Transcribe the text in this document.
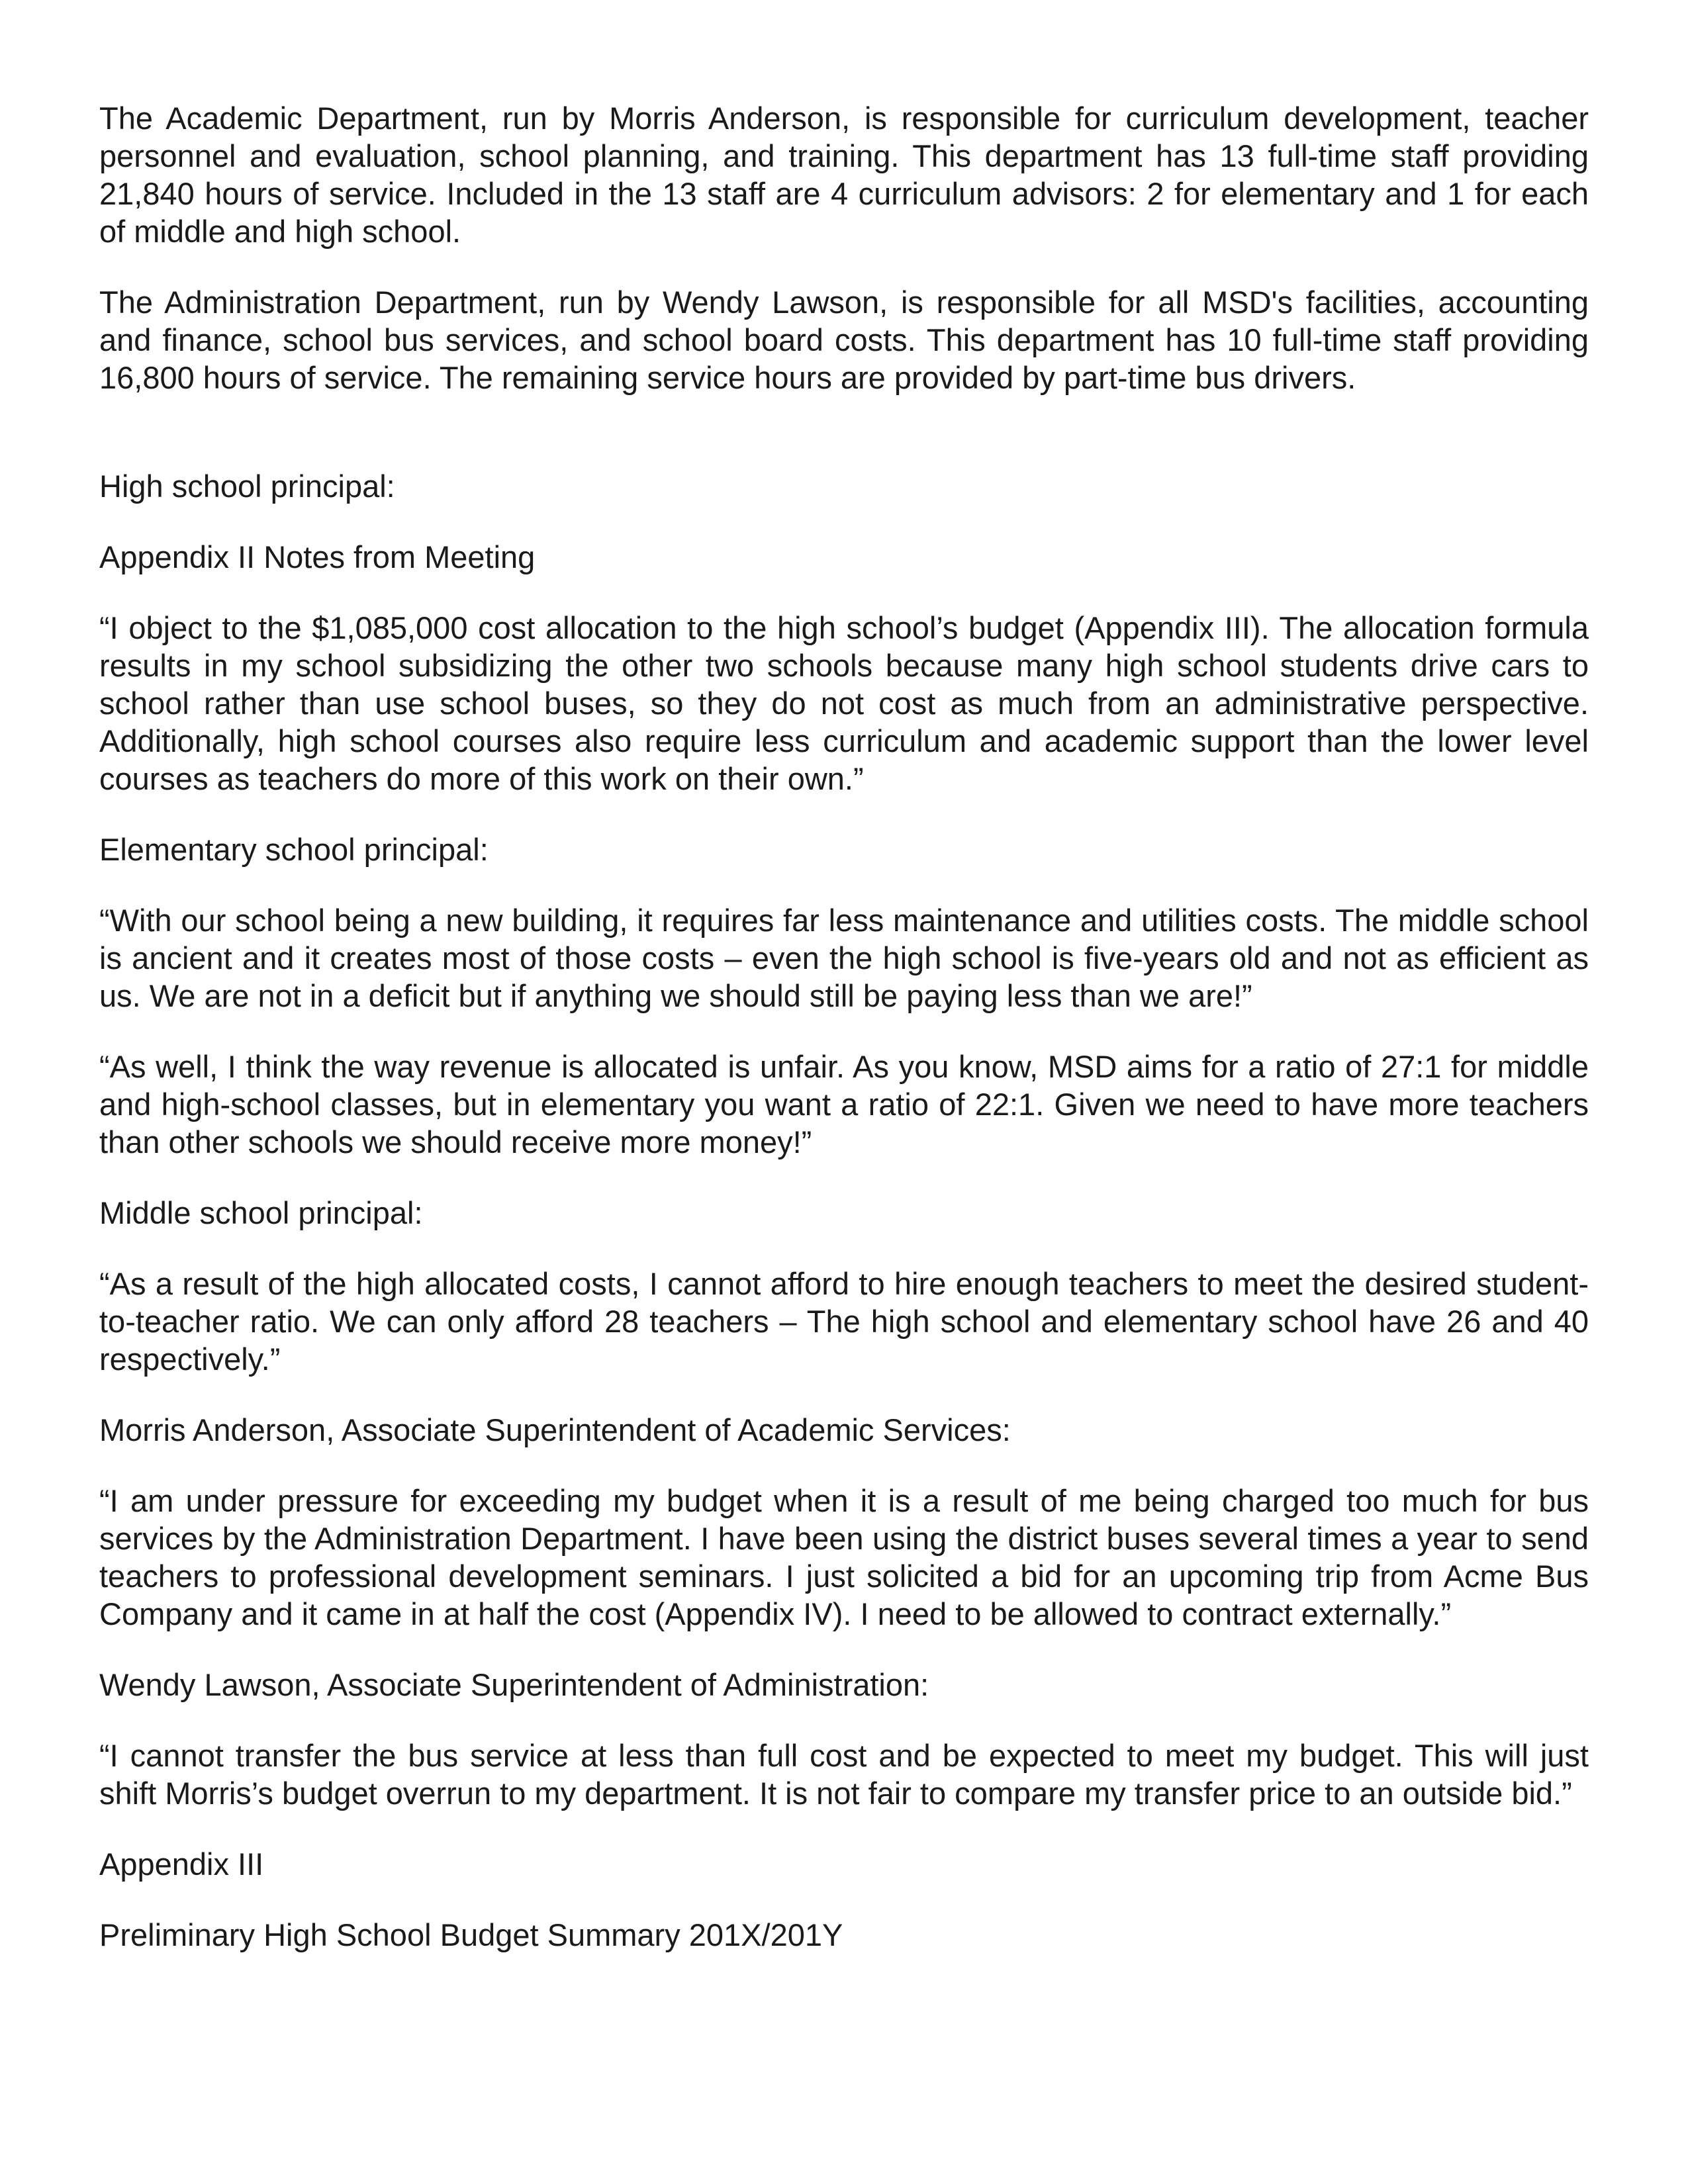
The Academic Department, run by Morris Anderson, is responsible for curriculum development, teacher personnel and evaluation, school planning, and training. This department has 13 full-time staff providing 21,840 hours of service. Included in the 13 staff are 4 curriculum advisors: 2 for elementary and 1 for each of middle and high school.

The Administration Department, run by Wendy Lawson, is responsible for all MSD's facilities, accounting and finance, school bus services, and school board costs. This department has 10 full-time staff providing 16,800 hours of service. The remaining service hours are provided by part-time bus drivers.

High school principal:

Appendix II Notes from Meeting

“I object to the $1,085,000 cost allocation to the high school’s budget (Appendix III). The allocation formula results in my school subsidizing the other two schools because many high school students drive cars to school rather than use school buses, so they do not cost as much from an administrative perspective. Additionally, high school courses also require less curriculum and academic support than the lower level courses as teachers do more of this work on their own.”

Elementary school principal:

“With our school being a new building, it requires far less maintenance and utilities costs. The middle school is ancient and it creates most of those costs – even the high school is five-years old and not as efficient as us. We are not in a deficit but if anything we should still be paying less than we are!”

“As well, I think the way revenue is allocated is unfair. As you know, MSD aims for a ratio of 27:1 for middle and high-school classes, but in elementary you want a ratio of 22:1. Given we need to have more teachers than other schools we should receive more money!”

Middle school principal:

“As a result of the high allocated costs, I cannot afford to hire enough teachers to meet the desired student-to-teacher ratio. We can only afford 28 teachers – The high school and elementary school have 26 and 40 respectively.”

Morris Anderson, Associate Superintendent of Academic Services:

“I am under pressure for exceeding my budget when it is a result of me being charged too much for bus services by the Administration Department. I have been using the district buses several times a year to send teachers to professional development seminars. I just solicited a bid for an upcoming trip from Acme Bus Company and it came in at half the cost (Appendix IV). I need to be allowed to contract externally.”

Wendy Lawson, Associate Superintendent of Administration:

“I cannot transfer the bus service at less than full cost and be expected to meet my budget. This will just shift Morris’s budget overrun to my department. It is not fair to compare my transfer price to an outside bid.”

Appendix III

Preliminary High School Budget Summary 201X/201Y
